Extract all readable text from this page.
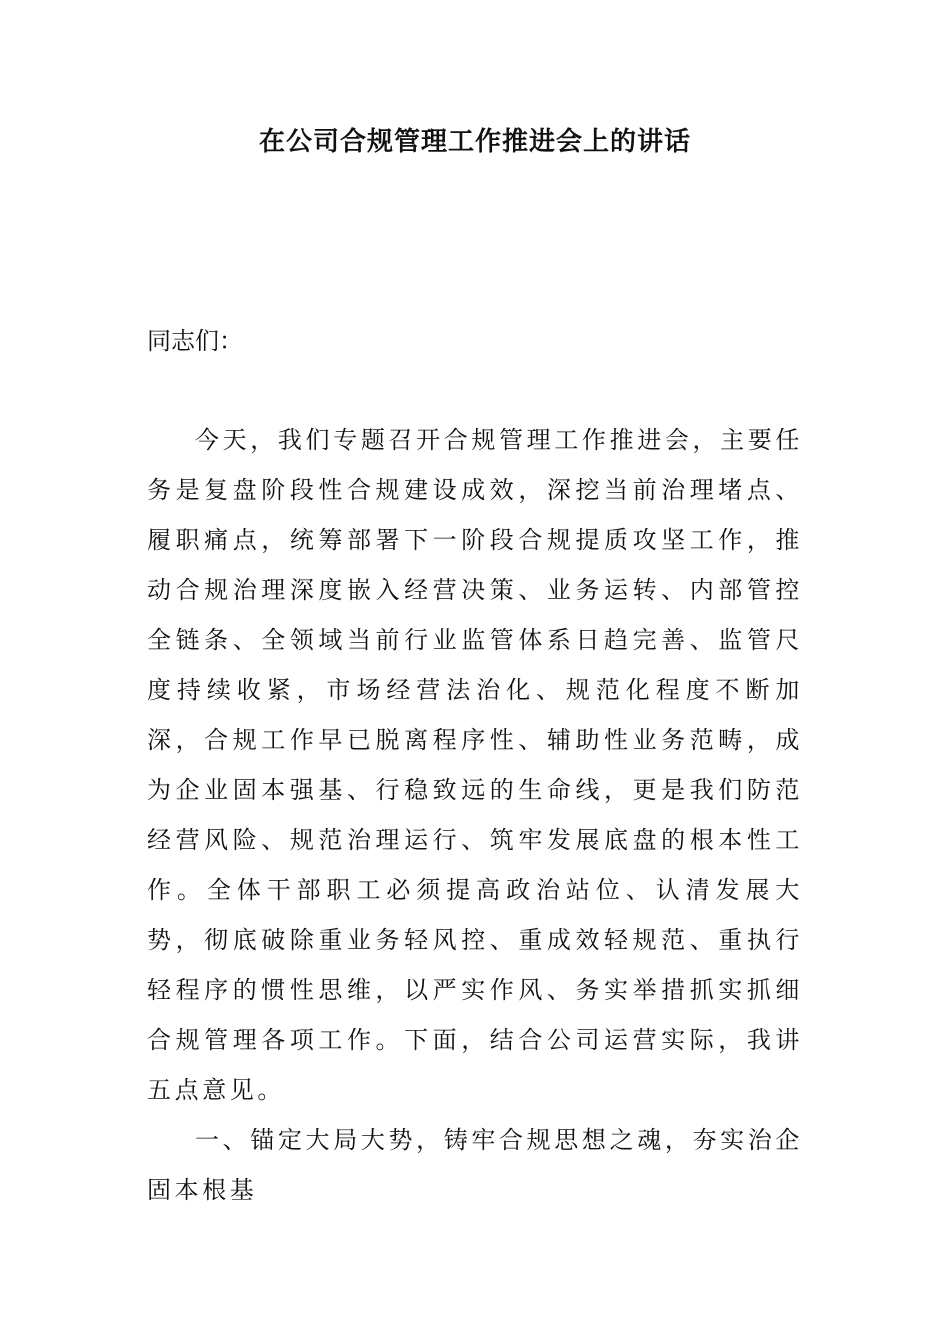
在公司合规管理工作推进会上的讲话

同志们：

今天，我们专题召开合规管理工作推进会，主要任务是复盘阶段性合规建设成效，深挖当前治理堵点、履职痛点，统筹部署下一阶段合规提质攻坚工作，推动合规治理深度嵌入经营决策、业务运转、内部管控全链条、全领域当前行业监管体系日趋完善、监管尺度持续收紧，市场经营法治化、规范化程度不断加深，合规工作早已脱离程序性、辅助性业务范畴，成为企业固本强基、行稳致远的生命线，更是我们防范经营风险、规范治理运行、筑牢发展底盘的根本性工作。全体干部职工必须提高政治站位、认清发展大势，彻底破除重业务轻风控、重成效轻规范、重执行轻程序的惯性思维，以严实作风、务实举措抓实抓细合规管理各项工作。下面，结合公司运营实际，我讲五点意见。

一、锚定大局大势，铸牢合规思想之魂，夯实治企固本根基
